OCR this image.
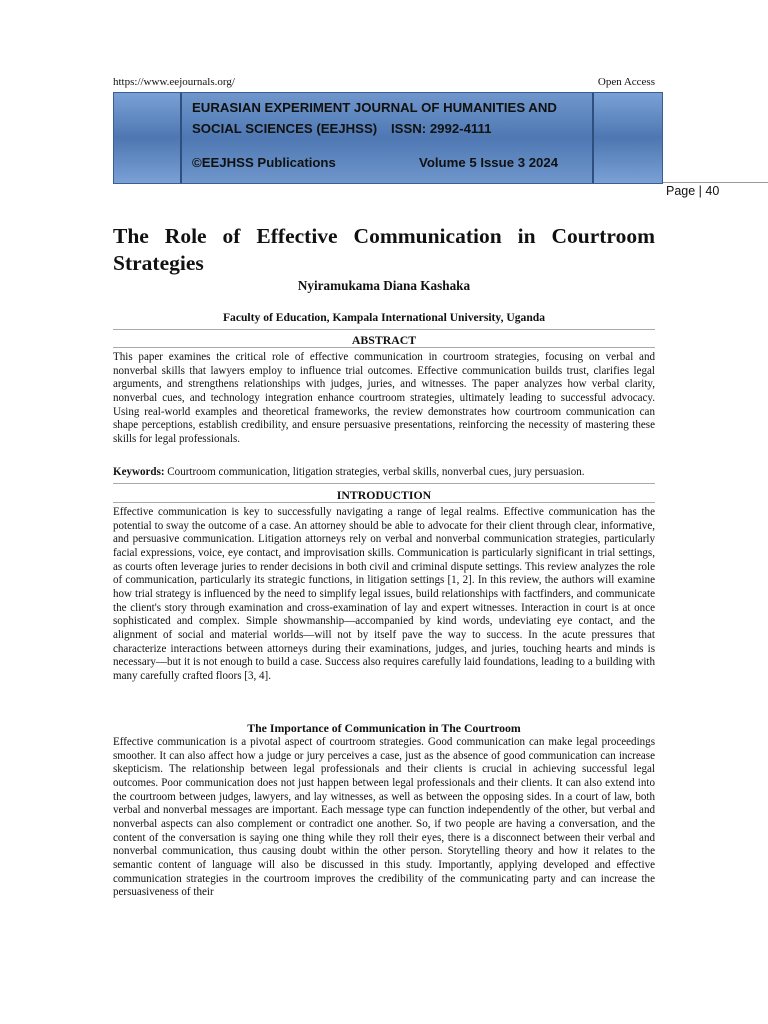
https://www.eejournals.org/	Open Access
EURASIAN EXPERIMENT JOURNAL OF HUMANITIES AND
SOCIAL SCIENCES (EEJHSS) ISSN: 2992-4111
©EEJHSS Publications	Volume 5 Issue 3 2024
Page | 40
The Role of Effective Communication in Courtroom Strategies
Nyiramukama Diana Kashaka
Faculty of Education, Kampala International University, Uganda
ABSTRACT

This paper examines the critical role of effective communication in courtroom strategies, focusing on verbal and nonverbal skills that lawyers employ to influence trial outcomes. Effective communication builds trust, clarifies legal arguments, and strengthens relationships with judges, juries, and witnesses. The paper analyzes how verbal clarity, nonverbal cues, and technology integration enhance courtroom strategies, ultimately leading to successful advocacy. Using real-world examples and theoretical frameworks, the review demonstrates how courtroom communication can shape perceptions, establish credibility, and ensure persuasive presentations, reinforcing the necessity of mastering these skills for legal professionals.

Keywords: Courtroom communication, litigation strategies, verbal skills, nonverbal cues, jury persuasion.
INTRODUCTION

Effective communication is key to successfully navigating a range of legal realms. Effective communication has the potential to sway the outcome of a case. An attorney should be able to advocate for their client through clear, informative, and persuasive communication. Litigation attorneys rely on verbal and nonverbal communication strategies, particularly facial expressions, voice, eye contact, and improvisation skills. Communication is particularly significant in trial settings, as courts often leverage juries to render decisions in both civil and criminal dispute settings. This review analyzes the role of communication, particularly its strategic functions, in litigation settings [1, 2]. In this review, the authors will examine how trial strategy is influenced by the need to simplify legal issues, build relationships with factfinders, and communicate the client's story through examination and cross-examination of lay and expert witnesses. Interaction in court is at once sophisticated and complex. Simple showmanship—accompanied by kind words, undeviating eye contact, and the alignment of social and material worlds—will not by itself pave the way to success. In the acute pressures that characterize interactions between attorneys during their examinations, judges, and juries, touching hearts and minds is necessary—but it is not enough to build a case. Success also requires carefully laid foundations, leading to a building with many carefully crafted floors [3, 4].

The Importance of Communication in The Courtroom

Effective communication is a pivotal aspect of courtroom strategies. Good communication can make legal proceedings smoother. It can also affect how a judge or jury perceives a case, just as the absence of good communication can increase skepticism. The relationship between legal professionals and their clients is crucial in achieving successful legal outcomes. Poor communication does not just happen between legal professionals and their clients. It can also extend into the courtroom between judges, lawyers, and lay witnesses, as well as between the opposing sides. In a court of law, both verbal and nonverbal messages are important. Each message type can function independently of the other, but verbal and nonverbal aspects can also complement or contradict one another. So, if two people are having a conversation, and the content of the conversation is saying one thing while they roll their eyes, there is a disconnect between their verbal and nonverbal communication, thus causing doubt within the other person. Storytelling theory and how it relates to the semantic content of language will also be discussed in this study. Importantly, applying developed and effective communication strategies in the courtroom improves the credibility of the communicating party and can increase the persuasiveness of their
